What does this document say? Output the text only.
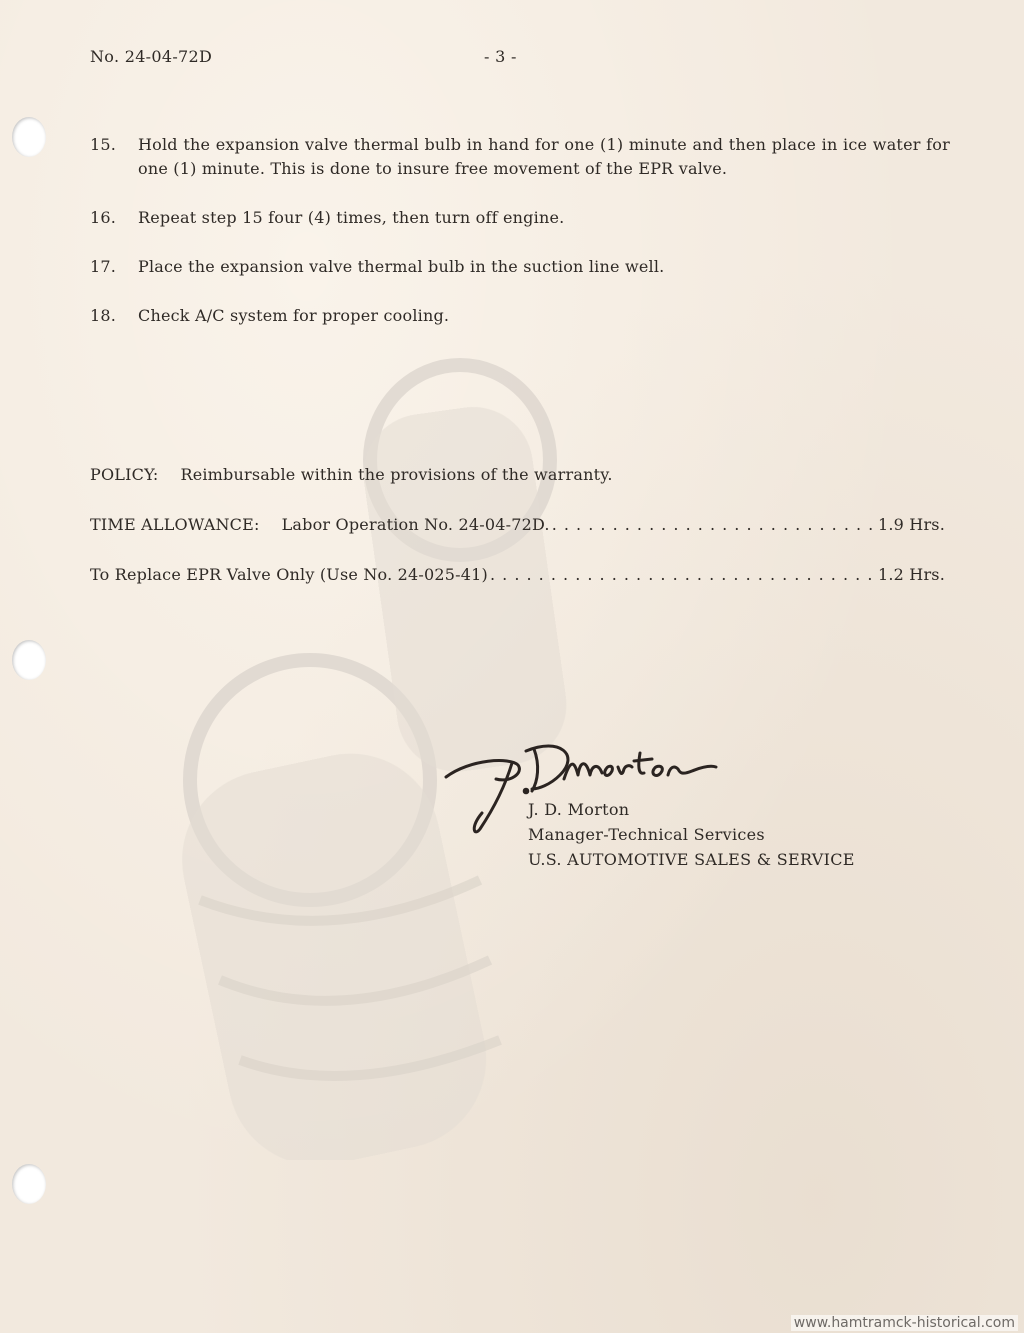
No. 24-04-72D	- 3 -
15.	Hold the expansion valve thermal bulb in hand for one (1) minute and then place in ice water for one (1) minute. This is done to insure free movement of the EPR valve.
16.	Repeat step 15 four (4) times, then turn off engine.
17.	Place the expansion valve thermal bulb in the suction line well.
18.	Check A/C system for proper cooling.
POLICY: Reimbursable within the provisions of the warranty.
TIME ALLOWANCE: Labor Operation No. 24-04-72D. . . .	1.9 Hrs.
To Replace EPR Valve Only (Use No. 24-025-41) . . .	1.2 Hrs.
J. D. Morton
Manager-Technical Services
U.S. AUTOMOTIVE SALES & SERVICE
www.hamtramck-historical.com
